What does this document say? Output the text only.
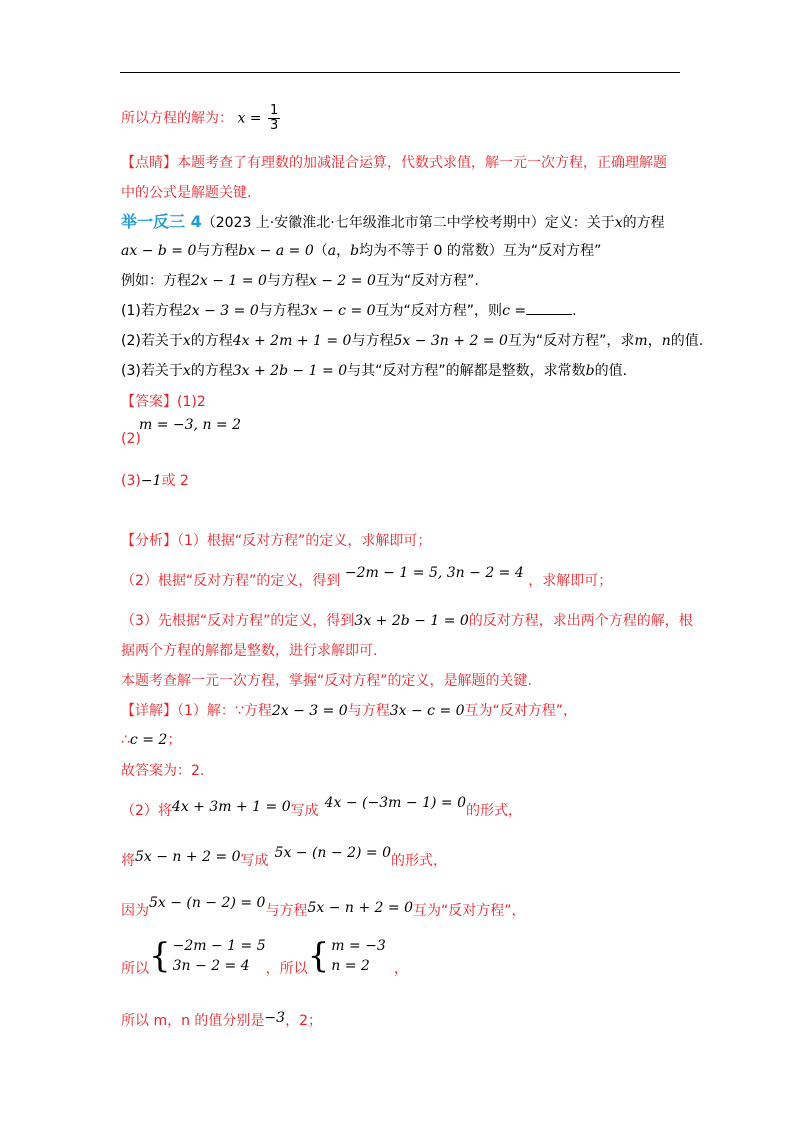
所以方程的解为： $x = \frac{1}{3}$
【点睛】本题考查了有理数的加减混合运算，代数式求值，解一元一次方程，正确理解题
中的公式是解题关键.
举一反三 4（2023 上·安徽淮北·七年级淮北市第二中学校考期中）定义：关于x的方程
ax − b = 0与方程bx − a = 0（a，b均为不等于 0 的常数）互为“反对方程”
例如：方程2x − 1 = 0与方程x − 2 = 0互为“反对方程”.
(1)若方程2x − 3 = 0与方程3x − c = 0互为“反对方程”，则c =	.
(2)若关于x的方程4x + 2m + 1 = 0与方程5x − 3n + 2 = 0互为“反对方程”，求m，n的值.
(3)若关于x的方程3x + 2b − 1 = 0与其“反对方程”的解都是整数，求常数b的值.
【答案】(1)2
m = −3, n = 2
(2)
(3)−1或 2
【分析】（1）根据“反对方程”的定义，求解即可；
（2）根据“反对方程”的定义，得到 −2m − 1 = 5, 3n − 2 = 4 ，求解即可；
（3）先根据“反对方程”的定义，得到3x + 2b − 1 = 0的反对方程，求出两个方程的解，根
据两个方程的解都是整数，进行求解即可.
本题考查解一元一次方程，掌握“反对方程”的定义，是解题的关键.
【详解】（1）解：∵方程2x − 3 = 0与方程3x − c = 0互为“反对方程”，
∴c = 2；
故答案为：2.
（2）将4x + 3m + 1 = 0写成 4x − (−3m − 1) = 0的形式，
将5x − n + 2 = 0写成 5x − (n − 2) = 0的形式，
因为5x − (n − 2) = 0与方程5x − n + 2 = 0互为“反对方程”，
所以 { −2m − 1 = 5
3n − 2 = 4	，所以 { m = −3
n = 2	，
所以 m，n 的值分别是−3，2；
